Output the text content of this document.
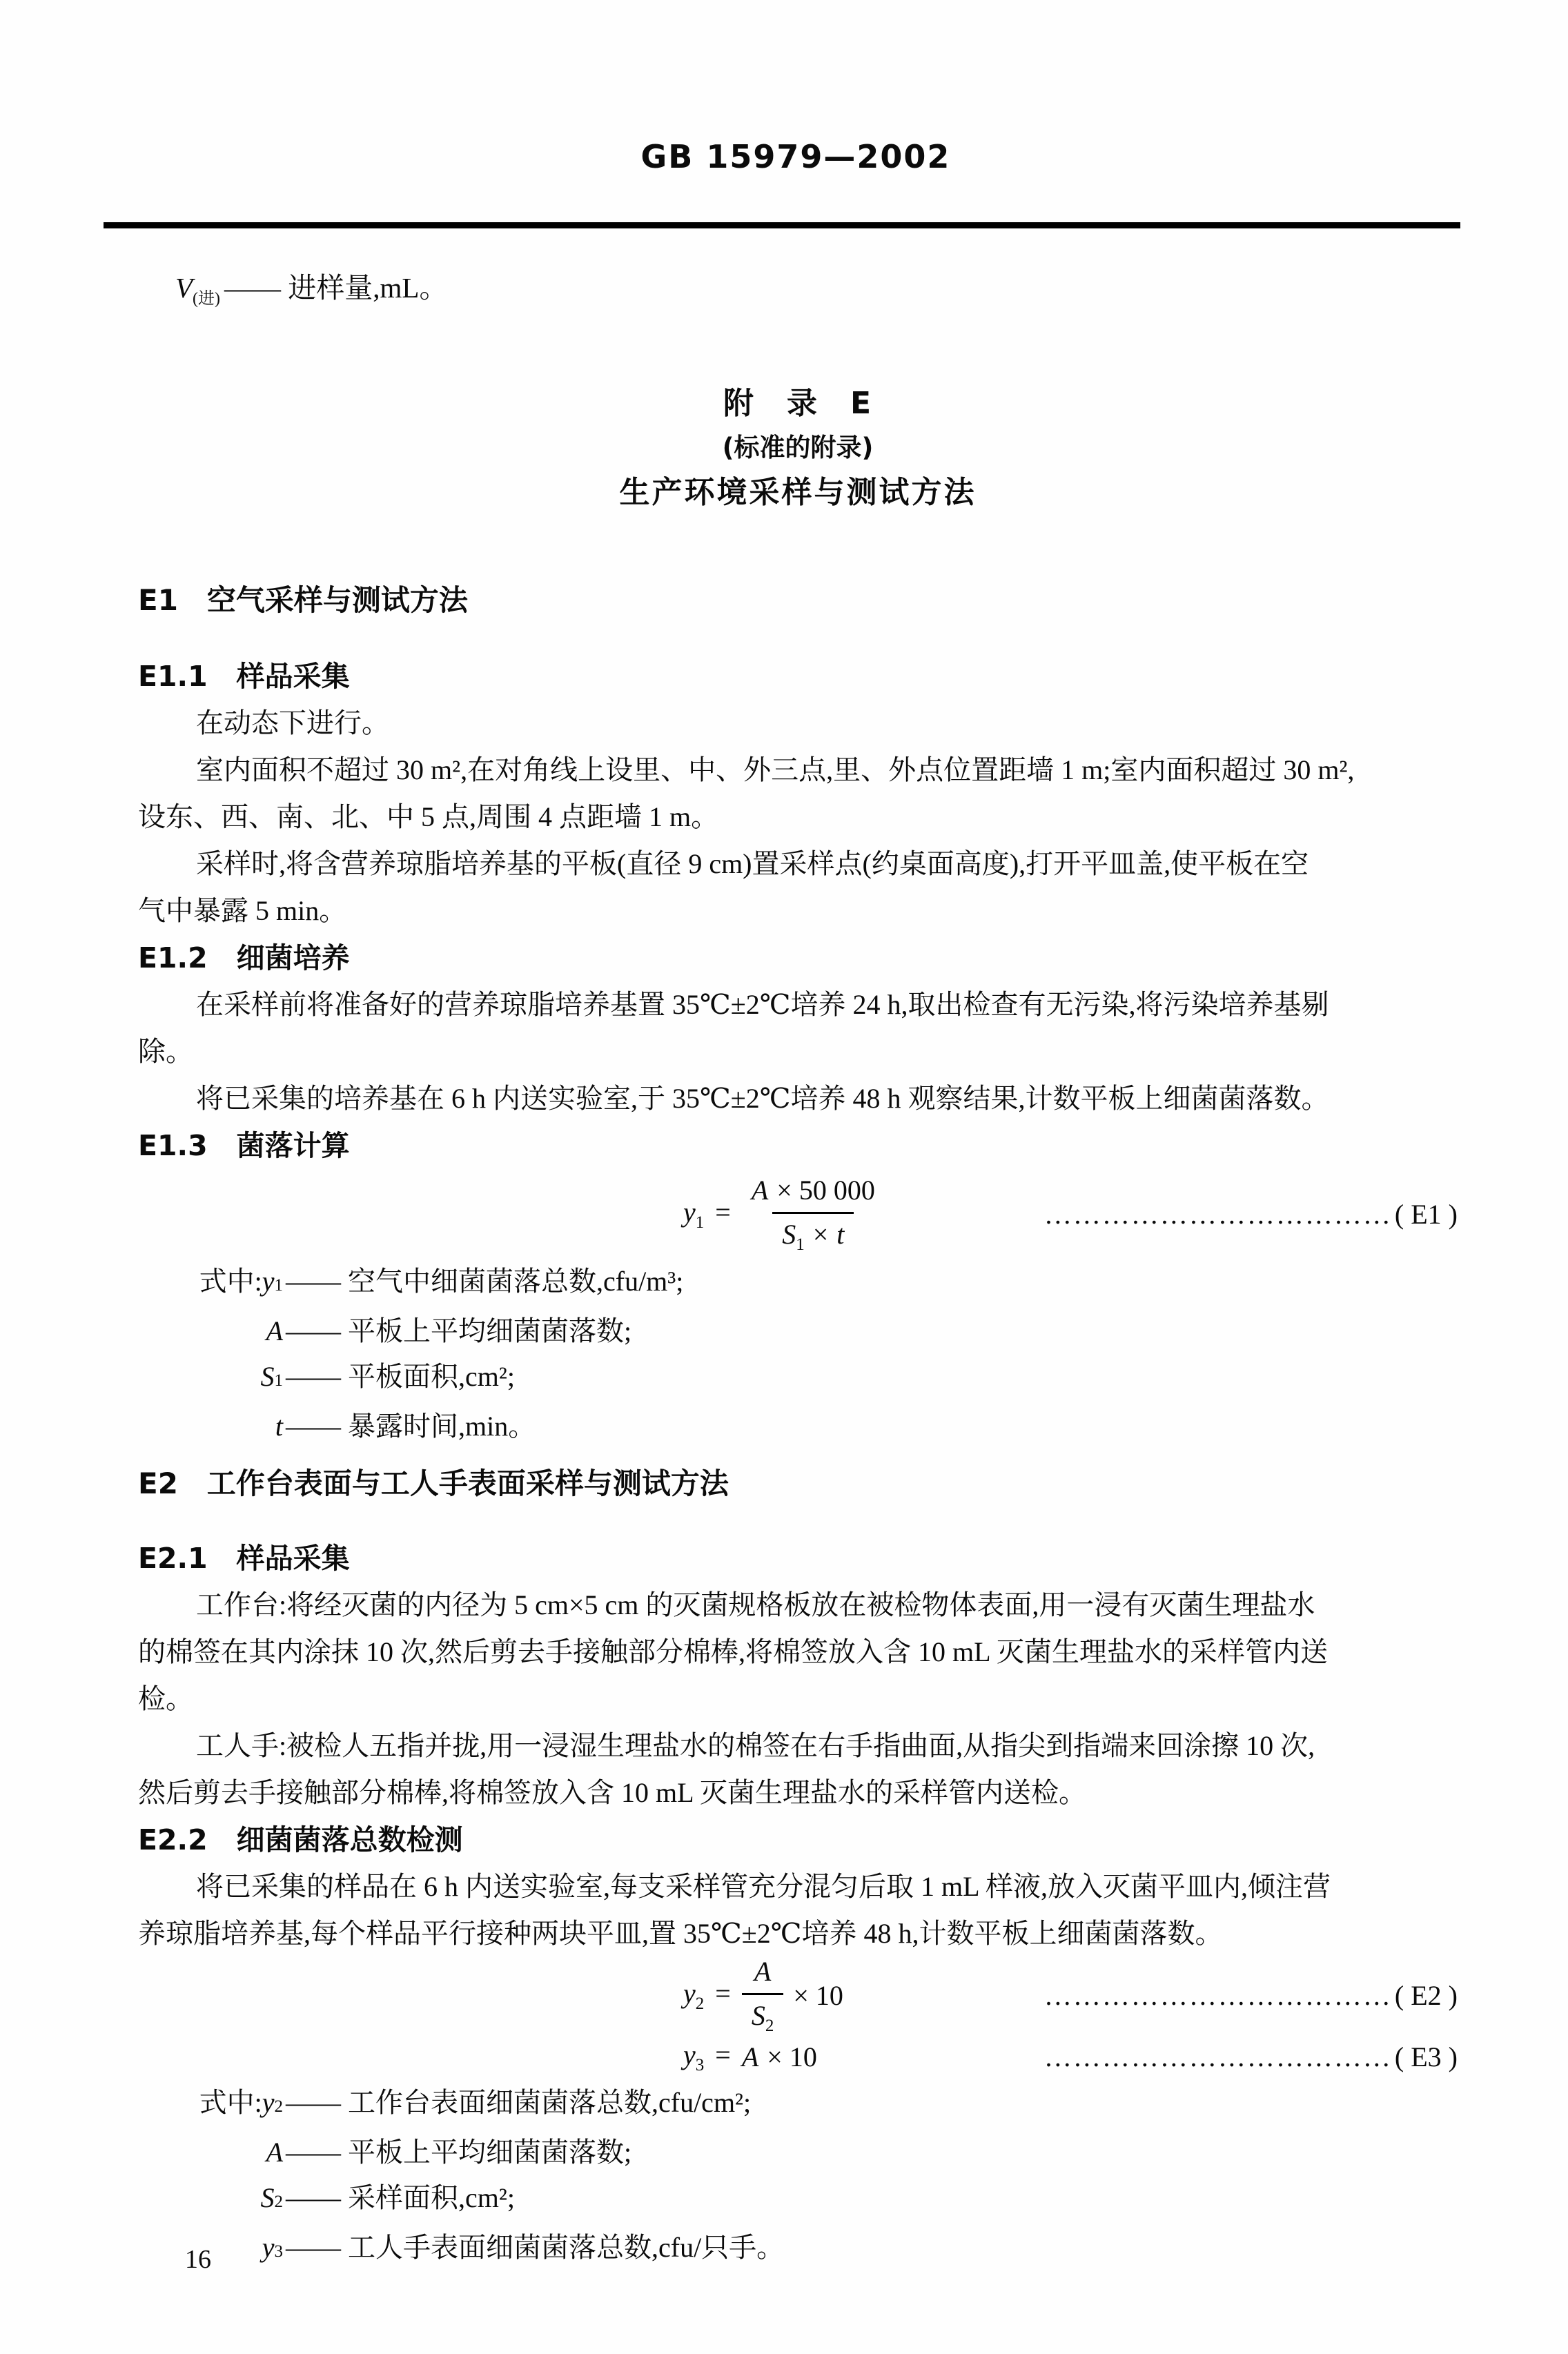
GB 15979—2002
$V_{(进)}$ —— 进样量,mL。
附　录　E
(标准的附录)
生产环境采样与测试方法
E1 空气采样与测试方法
E1.1 样品采集
在动态下进行。
室内面积不超过 30 m²,在对角线上设里、中、外三点,里、外点位置距墙 1 m;室内面积超过 30 m²,
设东、西、南、北、中 5 点,周围 4 点距墙 1 m。
采样时,将含营养琼脂培养基的平板(直径 9 cm)置采样点(约桌面高度),打开平皿盖,使平板在空
气中暴露 5 min。
E1.2 细菌培养
在采样前将准备好的营养琼脂培养基置 35℃±2℃培养 24 h,取出检查有无污染,将污染培养基剔
除。
将已采集的培养基在 6 h 内送实验室,于 35℃±2℃培养 48 h 观察结果,计数平板上细菌菌落数。
E1.3 菌落计算
$y_1 = \frac{A \times 50 000}{S_1 \times t}$	……………………………… ( E1 )
式中: y 1 —— 空气中细菌菌落总数,cfu/m³;
A —— 平板上平均细菌菌落数;
S 1 —— 平板面积,cm²;
t —— 暴露时间,min。
E2 工作台表面与工人手表面采样与测试方法
E2.1 样品采集
工作台:将经灭菌的内径为 5 cm×5 cm 的灭菌规格板放在被检物体表面,用一浸有灭菌生理盐水
的棉签在其内涂抹 10 次,然后剪去手接触部分棉棒,将棉签放入含 10 mL 灭菌生理盐水的采样管内送
检。
工人手:被检人五指并拢,用一浸湿生理盐水的棉签在右手指曲面,从指尖到指端来回涂擦 10 次,
然后剪去手接触部分棉棒,将棉签放入含 10 mL 灭菌生理盐水的采样管内送检。
E2.2 细菌菌落总数检测
将已采集的样品在 6 h 内送实验室,每支采样管充分混匀后取 1 mL 样液,放入灭菌平皿内,倾注营
养琼脂培养基,每个样品平行接种两块平皿,置 35℃±2℃培养 48 h,计数平板上细菌菌落数。
$y_2 = \frac{A}{S_2} \times 10$	……………………………… ( E2 )
$y_3 = A \times 10$	……………………………… ( E3 )
式中: y 2 —— 工作台表面细菌菌落总数,cfu/cm²;
A —— 平板上平均细菌菌落数;
S 2 —— 采样面积,cm²;
y 3 —— 工人手表面细菌菌落总数,cfu/只手。
16
